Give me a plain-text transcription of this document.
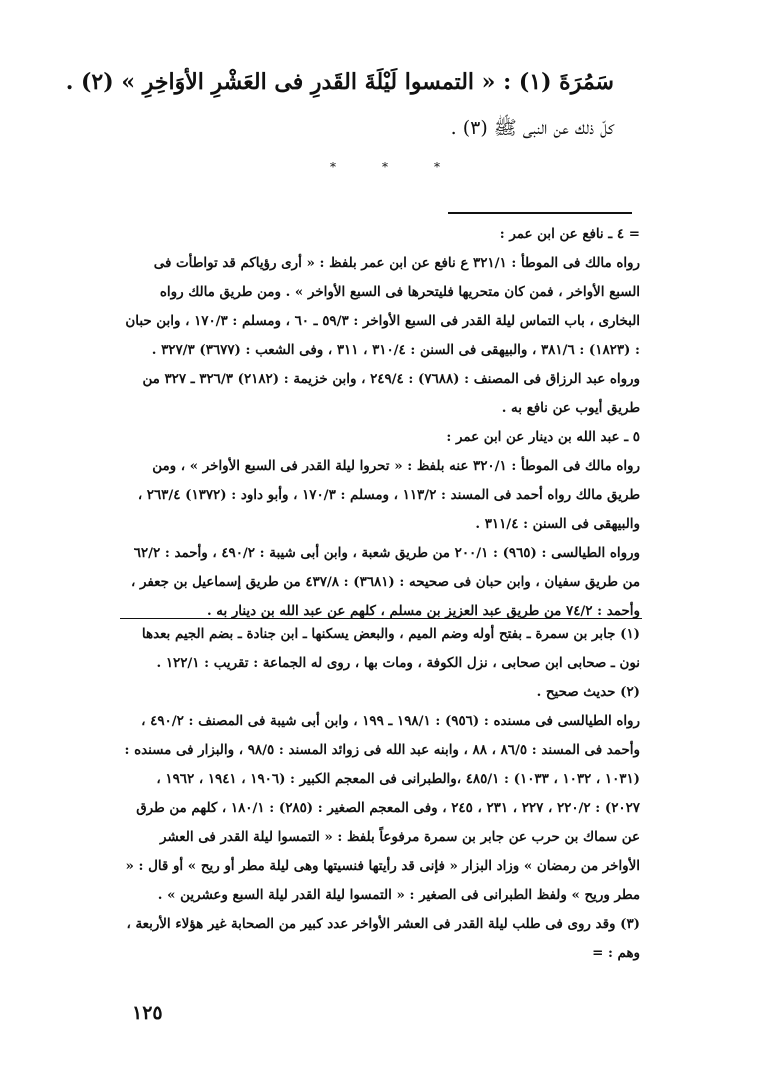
سَمُرَةَ (١) : « التمسوا لَيْلَةَ القَدرِ فى العَشْرِ الأوَاخِرِ » (٢) .
كلّ ذلك عن النبى ﷺ (٣) .
*	*	*

= ٤ ـ نافع عن ابن عمر :

رواه مالك فى الموطأ : ٣٢١/١ ع نافع عن ابن عمر بلفظ : « أرى رؤياكم قد تواطأت فى السبع الأواخر ، فمن كان متحريها فليتحرها فى السبع الأواخر » . ومن طريق مالك رواه البخارى ، باب التماس ليلة القدر فى السبع الأواخر : ٥٩/٣ ـ ٦٠ ، ومسلم : ١٧٠/٣ ، وابن حبان : (١٨٢٣) : ٣٨١/٦ ، والبيهقى فى السنن : ٣١٠/٤ ، ٣١١ ، وفى الشعب : (٣٦٧٧) ٣٢٧/٣ . ورواه عبد الرزاق فى المصنف : (٧٦٨٨) : ٢٤٩/٤ ، وابن خزيمة : (٢١٨٢) ٣٢٦/٣ ـ ٣٢٧ من طريق أيوب عن نافع به .

٥ ـ عبد الله بن دينار عن ابن عمر :

رواه مالك فى الموطأ : ٣٢٠/١ عنه بلفظ : « تحروا ليلة القدر فى السبع الأواخر » ، ومن طريق مالك رواه أحمد فى المسند : ١١٣/٢ ، ومسلم : ١٧٠/٣ ، وأبو داود : (١٣٧٢) ٢٦٣/٤ ، والبيهقى فى السنن : ٣١١/٤ .

ورواه الطيالسى : (٩٦٥) : ٢٠٠/١ من طريق شعبة ، وابن أبى شيبة : ٤٩٠/٢ ، وأحمد : ٦٢/٢ من طريق سفيان ، وابن حبان فى صحيحه : (٣٦٨١) : ٤٣٧/٨ من طريق إسماعيل بن جعفر ، وأحمد : ٧٤/٢ من طريق عبد العزيز بن مسلم ، كلهم عن عبد الله بن دينار به .

(١) جابر بن سمرة ـ بفتح أوله وضم الميم ، والبعض يسكنها ـ ابن جنادة ـ بضم الجيم بعدها نون ـ صحابى ابن صحابى ، نزل الكوفة ، ومات بها ، روى له الجماعة : تقريب : ١٢٢/١ .

(٢) حديث صحيح .

رواه الطيالسى فى مسنده : (٩٥٦) : ١٩٨/١ ـ ١٩٩ ، وابن أبى شيبة فى المصنف : ٤٩٠/٢ ، وأحمد فى المسند : ٨٦/٥ ، ٨٨ ، وابنه عبد الله فى زوائد المسند : ٩٨/٥ ، والبزار فى مسنده : (١٠٣١ ، ١٠٣٢ ، ١٠٣٣) : ٤٨٥/١ ،والطبرانى فى المعجم الكبير : (١٩٠٦ ، ١٩٤١ ، ١٩٦٢ ، ٢٠٢٧) : ٢٢٠/٢ ، ٢٢٧ ، ٢٣١ ، ٢٤٥ ، وفى المعجم الصغير : (٢٨٥) : ١٨٠/١ ، كلهم من طرق عن سماك بن حرب عن جابر بن سمرة مرفوعاً بلفظ : « التمسوا ليلة القدر فى العشر الأواخر من رمضان » وزاد البزار « فإنى قد رأيتها فنسيتها وهى ليلة مطر أو ريح » أو قال : « مطر وريح » ولفظ الطبرانى فى الصغير : « التمسوا ليلة القدر ليلة السبع وعشرين » .

(٣) وقد روى فى طلب ليلة القدر فى العشر الأواخر عدد كبير من الصحابة غير هؤلاء الأربعة ، وهم : =

١٢٥
